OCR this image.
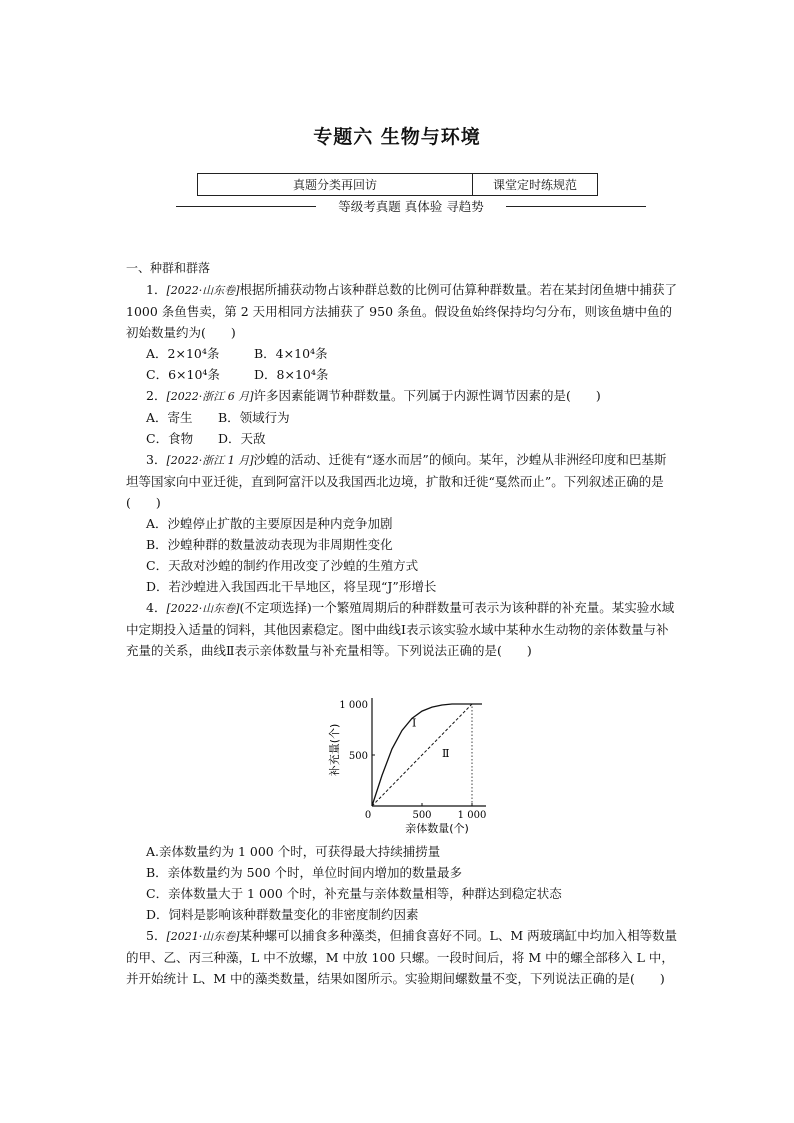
专题六 生物与环境
真题分类再回访	课堂定时练规范
等级考真题 真体验 寻趋势

一、种群和群落

1．[2022·山东卷]根据所捕获动物占该种群总数的比例可估算种群数量。若在某封闭鱼塘中捕获了 1000 条鱼售卖，第 2 天用相同方法捕获了 950 条鱼。假设鱼始终保持均匀分布，则该鱼塘中鱼的初始数量约为(　　)

A．2×10⁴条	B．4×10⁴条

C．6×10⁴条	D．8×10⁴条

2．[2022·浙江 6 月]许多因素能调节种群数量。下列属于内源性调节因素的是(　　)

A．寄生 B．领域行为

C．食物 D．天敌

3．[2022·浙江 1 月]沙蝗的活动、迁徙有“逐水而居”的倾向。某年，沙蝗从非洲经印度和巴基斯坦等国家向中亚迁徙，直到阿富汗以及我国西北边境，扩散和迁徙“戛然而止”。下列叙述正确的是(　　)

A．沙蝗停止扩散的主要原因是种内竞争加剧

B．沙蝗种群的数量波动表现为非周期性变化

C．天敌对沙蝗的制约作用改变了沙蝗的生殖方式

D．若沙蝗进入我国西北干旱地区，将呈现“J”形增长

4．[2022·山东卷](不定项选择)一个繁殖周期后的种群数量可表示为该种群的补充量。某实验水域中定期投入适量的饲料，其他因素稳定。图中曲线Ⅰ表示该实验水域中某种水生动物的亲体数量与补充量的关系，曲线Ⅱ表示亲体数量与补充量相等。下列说法正确的是(　　)

0	500	1 000
500
1 000
Ⅰ
Ⅱ
亲体数量(个)
补充量(个)

A.亲体数量约为 1 000 个时，可获得最大持续捕捞量

B．亲体数量约为 500 个时，单位时间内增加的数量最多

C．亲体数量大于 1 000 个时，补充量与亲体数量相等，种群达到稳定状态

D．饲料是影响该种群数量变化的非密度制约因素

5．[2021·山东卷]某种螺可以捕食多种藻类，但捕食喜好不同。L、M 两玻璃缸中均加入相等数量的甲、乙、丙三种藻，L 中不放螺，M 中放 100 只螺。一段时间后，将 M 中的螺全部移入 L 中，并开始统计 L、M 中的藻类数量，结果如图所示。实验期间螺数量不变，下列说法正确的是(　　)
